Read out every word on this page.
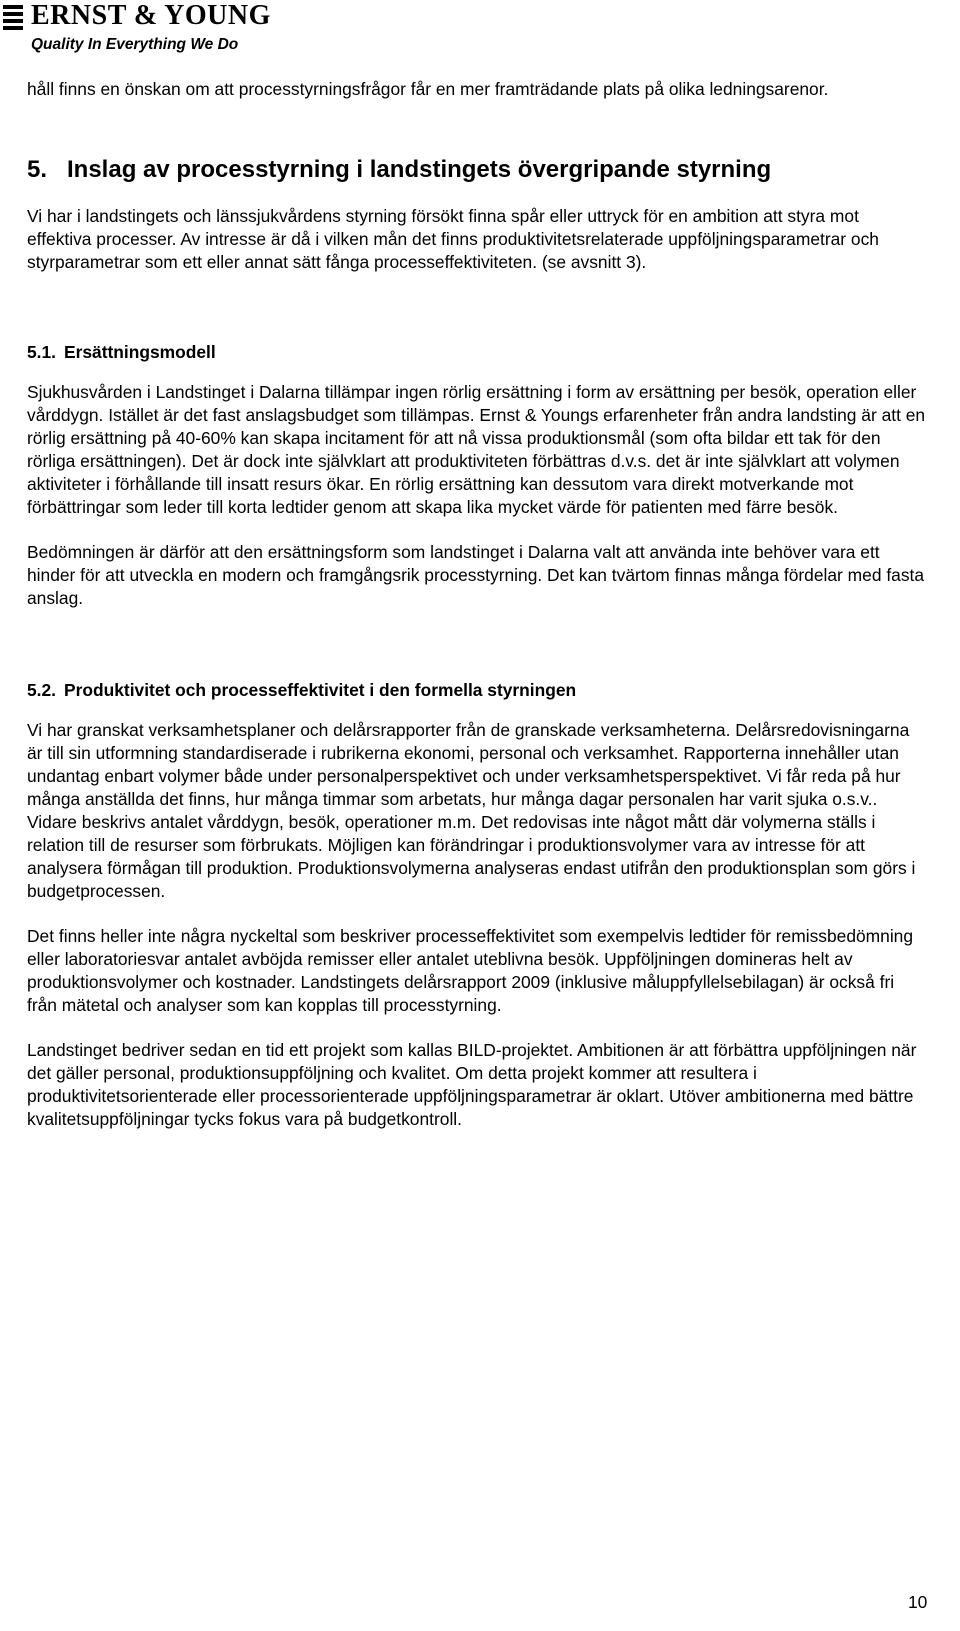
ERNST & YOUNG
Quality In Everything We Do

håll finns en önskan om att processtyrningsfrågor får en mer framträdande plats på olika ledningsarenor.

5. Inslag av processtyrning i landstingets övergripande styrning

Vi har i landstingets och länssjukvårdens styrning försökt finna spår eller uttryck för en ambition att styra mot effektiva processer. Av intresse är då i vilken mån det finns produktivitetsrelaterade uppföljningsparametrar och styrparametrar som ett eller annat sätt fånga processeffektiviteten. (se avsnitt 3).

5.1. Ersättningsmodell

Sjukhusvården i Landstinget i Dalarna tillämpar ingen rörlig ersättning i form av ersättning per besök, operation eller vårddygn. Istället är det fast anslagsbudget som tillämpas. Ernst & Youngs erfarenheter från andra landsting är att en rörlig ersättning på 40-60% kan skapa incitament för att nå vissa produktionsmål (som ofta bildar ett tak för den rörliga ersättningen). Det är dock inte självklart att produktiviteten förbättras d.v.s. det är inte självklart att volymen aktiviteter i förhållande till insatt resurs ökar. En rörlig ersättning kan dessutom vara direkt motverkande mot förbättringar som leder till korta ledtider genom att skapa lika mycket värde för patienten med färre besök.

Bedömningen är därför att den ersättningsform som landstinget i Dalarna valt att använda inte behöver vara ett hinder för att utveckla en modern och framgångsrik processtyrning. Det kan tvärtom finnas många fördelar med fasta anslag.

5.2. Produktivitet och processeffektivitet i den formella styrningen

Vi har granskat verksamhetsplaner och delårsrapporter från de granskade verksamheterna. Delårsredovisningarna är till sin utformning standardiserade i rubrikerna ekonomi, personal och verksamhet. Rapporterna innehåller utan undantag enbart volymer både under personalperspektivet och under verksamhetsperspektivet. Vi får reda på hur många anställda det finns, hur många timmar som arbetats, hur många dagar personalen har varit sjuka o.s.v.. Vidare beskrivs antalet vårddygn, besök, operationer m.m. Det redovisas inte något mått där volymerna ställs i relation till de resurser som förbrukats. Möjligen kan förändringar i produktionsvolymer vara av intresse för att analysera förmågan till produktion. Produktionsvolymerna analyseras endast utifrån den produktionsplan som görs i budgetprocessen.

Det finns heller inte några nyckeltal som beskriver processeffektivitet som exempelvis ledtider för remissbedömning eller laboratoriesvar antalet avböjda remisser eller antalet uteblivna besök. Uppföljningen domineras helt av produktionsvolymer och kostnader. Landstingets delårsrapport 2009 (inklusive måluppfyllelsebilagan) är också fri från mätetal och analyser som kan kopplas till processtyrning.

Landstinget bedriver sedan en tid ett projekt som kallas BILD-projektet. Ambitionen är att förbättra uppföljningen när det gäller personal, produktionsuppföljning och kvalitet. Om detta projekt kommer att resultera i produktivitetsorienterade eller processorienterade uppföljningsparametrar är oklart. Utöver ambitionerna med bättre kvalitetsuppföljningar tycks fokus vara på budgetkontroll.

10
